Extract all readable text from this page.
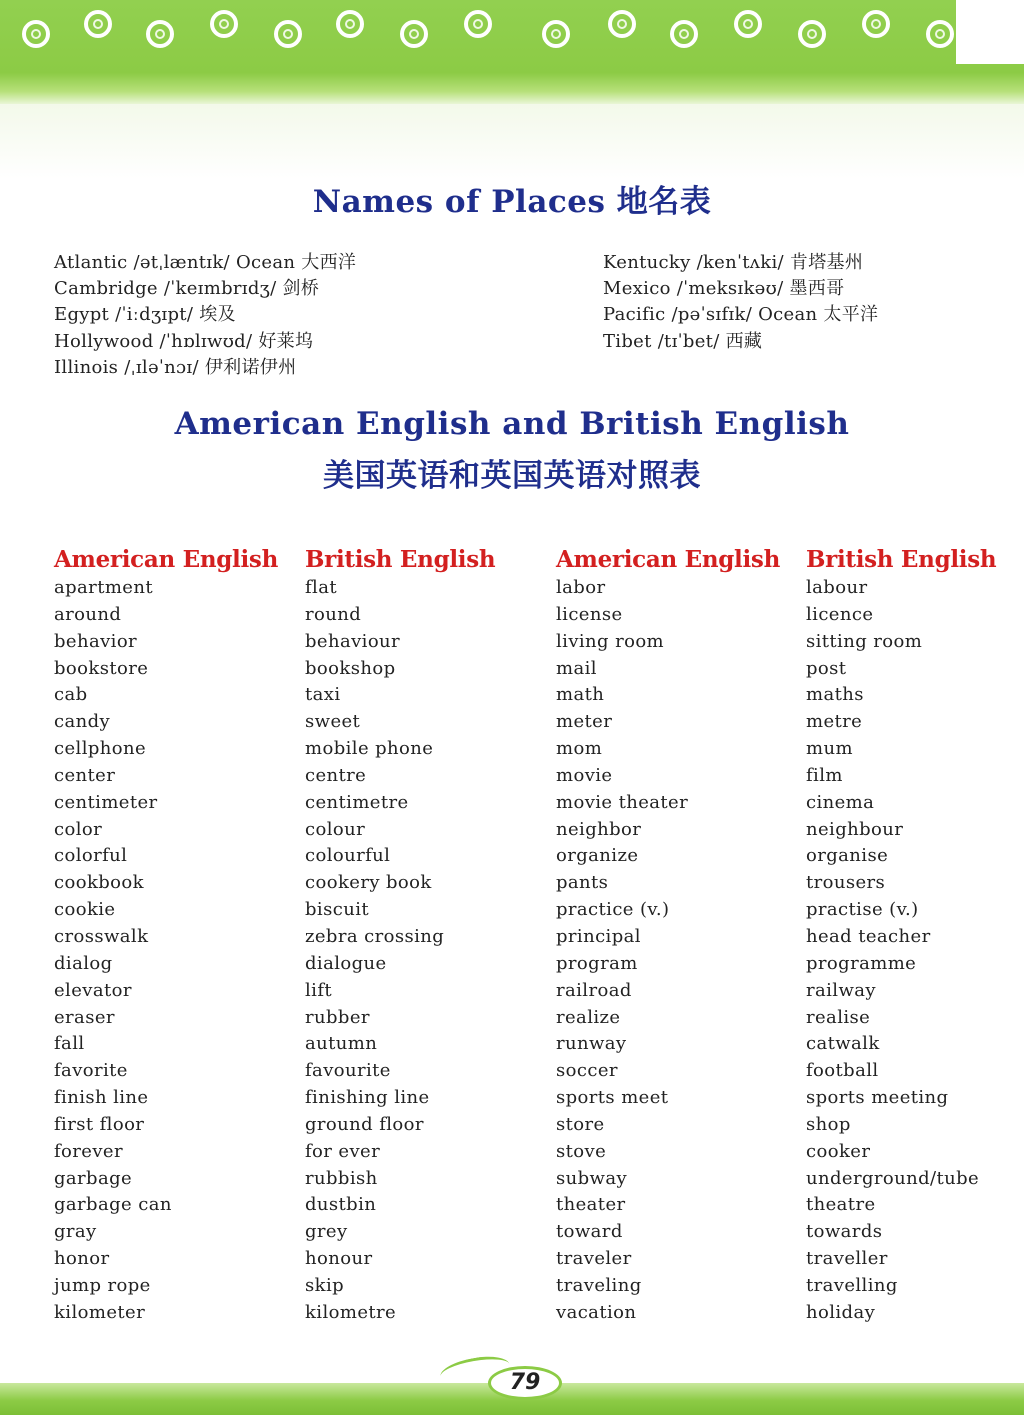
Names of Places 地名表
Atlantic /ətˌlæntɪk/ Ocean 大西洋
Cambridge /ˈkeɪmbrɪdʒ/ 剑桥
Egypt /ˈiːdʒɪpt/ 埃及
Hollywood /ˈhɒlɪwʊd/ 好莱坞
Illinois /ˌɪləˈnɔɪ/ 伊利诺伊州
Kentucky /kenˈtʌki/ 肯塔基州
Mexico /ˈmeksɪkəʊ/ 墨西哥
Pacific /pəˈsɪfɪk/ Ocean 太平洋
Tibet /tɪˈbet/ 西藏
American English and British English
美国英语和英国英语对照表
American English
apartment
around
behavior
bookstore
cab
candy
cellphone
center
centimeter
color
colorful
cookbook
cookie
crosswalk
dialog
elevator
eraser
fall
favorite
finish line
first floor
forever
garbage
garbage can
gray
honor
jump rope
kilometer
British English
flat
round
behaviour
bookshop
taxi
sweet
mobile phone
centre
centimetre
colour
colourful
cookery book
biscuit
zebra crossing
dialogue
lift
rubber
autumn
favourite
finishing line
ground floor
for ever
rubbish
dustbin
grey
honour
skip
kilometre
American English
labor
license
living room
mail
math
meter
mom
movie
movie theater
neighbor
organize
pants
practice (v.)
principal
program
railroad
realize
runway
soccer
sports meet
store
stove
subway
theater
toward
traveler
traveling
vacation
British English
labour
licence
sitting room
post
maths
metre
mum
film
cinema
neighbour
organise
trousers
practise (v.)
head teacher
programme
railway
realise
catwalk
football
sports meeting
shop
cooker
underground/tube
theatre
towards
traveller
travelling
holiday
79
